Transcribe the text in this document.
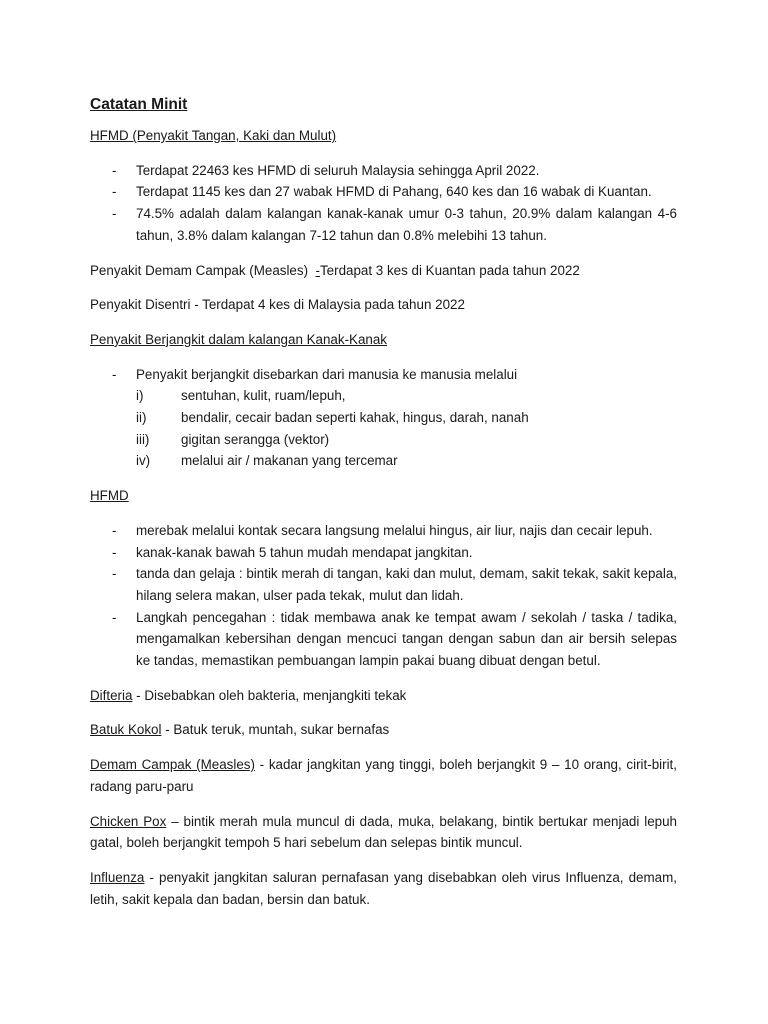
Catatan Minit
HFMD (Penyakit Tangan, Kaki dan Mulut)
- Terdapat 22463 kes HFMD di seluruh Malaysia sehingga April 2022.
- Terdapat 1145 kes dan 27 wabak HFMD di Pahang, 640 kes dan 16 wabak di Kuantan.
- 74.5% adalah dalam kalangan kanak-kanak umur 0-3 tahun, 20.9% dalam kalangan 4-6 tahun, 3.8% dalam kalangan 7-12 tahun dan 0.8% melebihi 13 tahun.
Penyakit Demam Campak (Measles) -Terdapat 3 kes di Kuantan pada tahun 2022
Penyakit Disentri - Terdapat 4 kes di Malaysia pada tahun 2022
Penyakit Berjangkit dalam kalangan Kanak-Kanak
- Penyakit berjangkit disebarkan dari manusia ke manusia melalui
i)	sentuhan, kulit, ruam/lepuh,
ii)	bendalir, cecair badan seperti kahak, hingus, darah, nanah
iii) gigitan serangga (vektor)
iv) melalui air / makanan yang tercemar
HFMD
- merebak melalui kontak secara langsung melalui hingus, air liur, najis dan cecair lepuh.
- kanak-kanak bawah 5 tahun mudah mendapat jangkitan.
- tanda dan gelaja : bintik merah di tangan, kaki dan mulut, demam, sakit tekak, sakit kepala, hilang selera makan, ulser pada tekak, mulut dan lidah.
- Langkah pencegahan : tidak membawa anak ke tempat awam / sekolah / taska / tadika, mengamalkan kebersihan dengan mencuci tangan dengan sabun dan air bersih selepas ke tandas, memastikan pembuangan lampin pakai buang dibuat dengan betul.
Difteria - Disebabkan oleh bakteria, menjangkiti tekak
Batuk Kokol - Batuk teruk, muntah, sukar bernafas
Demam Campak (Measles) - kadar jangkitan yang tinggi, boleh berjangkit 9 – 10 orang, cirit-birit, radang paru-paru
Chicken Pox – bintik merah mula muncul di dada, muka, belakang, bintik bertukar menjadi lepuh gatal, boleh berjangkit tempoh 5 hari sebelum dan selepas bintik muncul.
Influenza - penyakit jangkitan saluran pernafasan yang disebabkan oleh virus Influenza, demam, letih, sakit kepala dan badan, bersin dan batuk.
